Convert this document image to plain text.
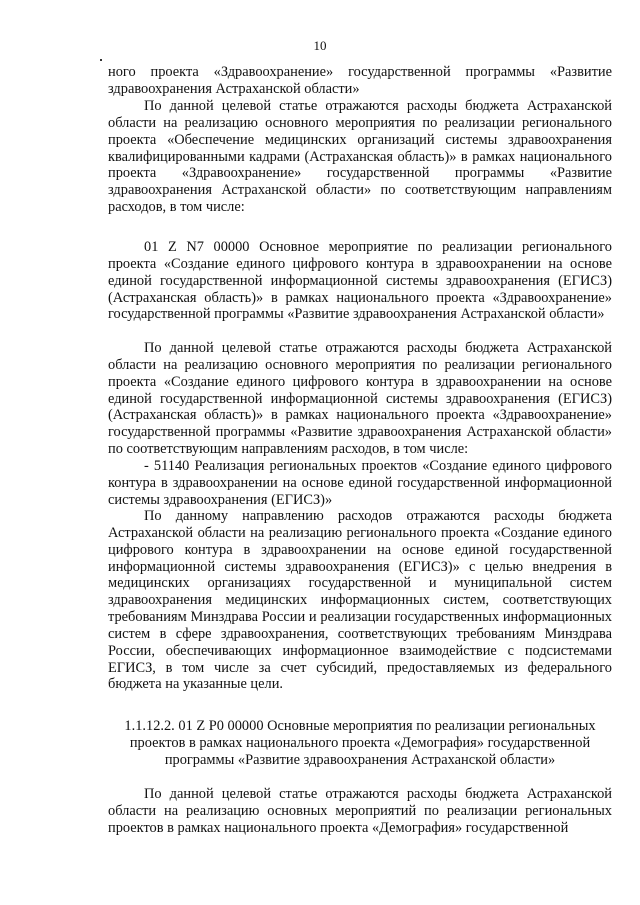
10
ного проекта «Здравоохранение» государственной программы «Развитие здравоохранения Астраханской области»
По данной целевой статье отражаются расходы бюджета Астраханской области на реализацию основного мероприятия по реализации регионального проекта «Обеспечение медицинских организаций системы здравоохранения квалифицированными кадрами (Астраханская область)» в рамках национального проекта «Здравоохранение» государственной программы «Развитие здравоохранения Астраханской области» по соответствующим направлениям расходов, в том числе:
01 Z N7 00000 Основное мероприятие по реализации регионального проекта «Создание единого цифрового контура в здравоохранении на основе единой государственной информационной системы здравоохранения (ЕГИСЗ) (Астраханская область)» в рамках национального проекта «Здравоохранение» государственной программы «Развитие здравоохранения Астраханской области»
По данной целевой статье отражаются расходы бюджета Астраханской области на реализацию основного мероприятия по реализации регионального проекта «Создание единого цифрового контура в здравоохранении на основе единой государственной информационной системы здравоохранения (ЕГИСЗ) (Астраханская область)» в рамках национального проекта «Здравоохранение» государственной программы «Развитие здравоохранения Астраханской области» по соответствующим направлениям расходов, в том числе:
- 51140 Реализация региональных проектов «Создание единого цифрового контура в здравоохранении на основе единой государственной информационной системы здравоохранения (ЕГИСЗ)»
По данному направлению расходов отражаются расходы бюджета Астраханской области на реализацию регионального проекта «Создание единого цифрового контура в здравоохранении на основе единой государственной информационной системы здравоохранения (ЕГИСЗ)» с целью внедрения в медицинских организациях государственной и муниципальной систем здравоохранения медицинских информационных систем, соответствующих требованиям Минздрава России и реализации государственных информационных систем в сфере здравоохранения, соответствующих требованиям Минздрава России, обеспечивающих информационное взаимодействие с подсистемами ЕГИСЗ, в том числе за счет субсидий, предоставляемых из федерального бюджета на указанные цели.
1.1.12.2. 01 Z P0 00000 Основные мероприятия по реализации региональных проектов в рамках национального проекта «Демография» государственной программы «Развитие здравоохранения Астраханской области»
По данной целевой статье отражаются расходы бюджета Астраханской области на реализацию основных мероприятий по реализации региональных проектов в рамках национального проекта «Демография» государственной
